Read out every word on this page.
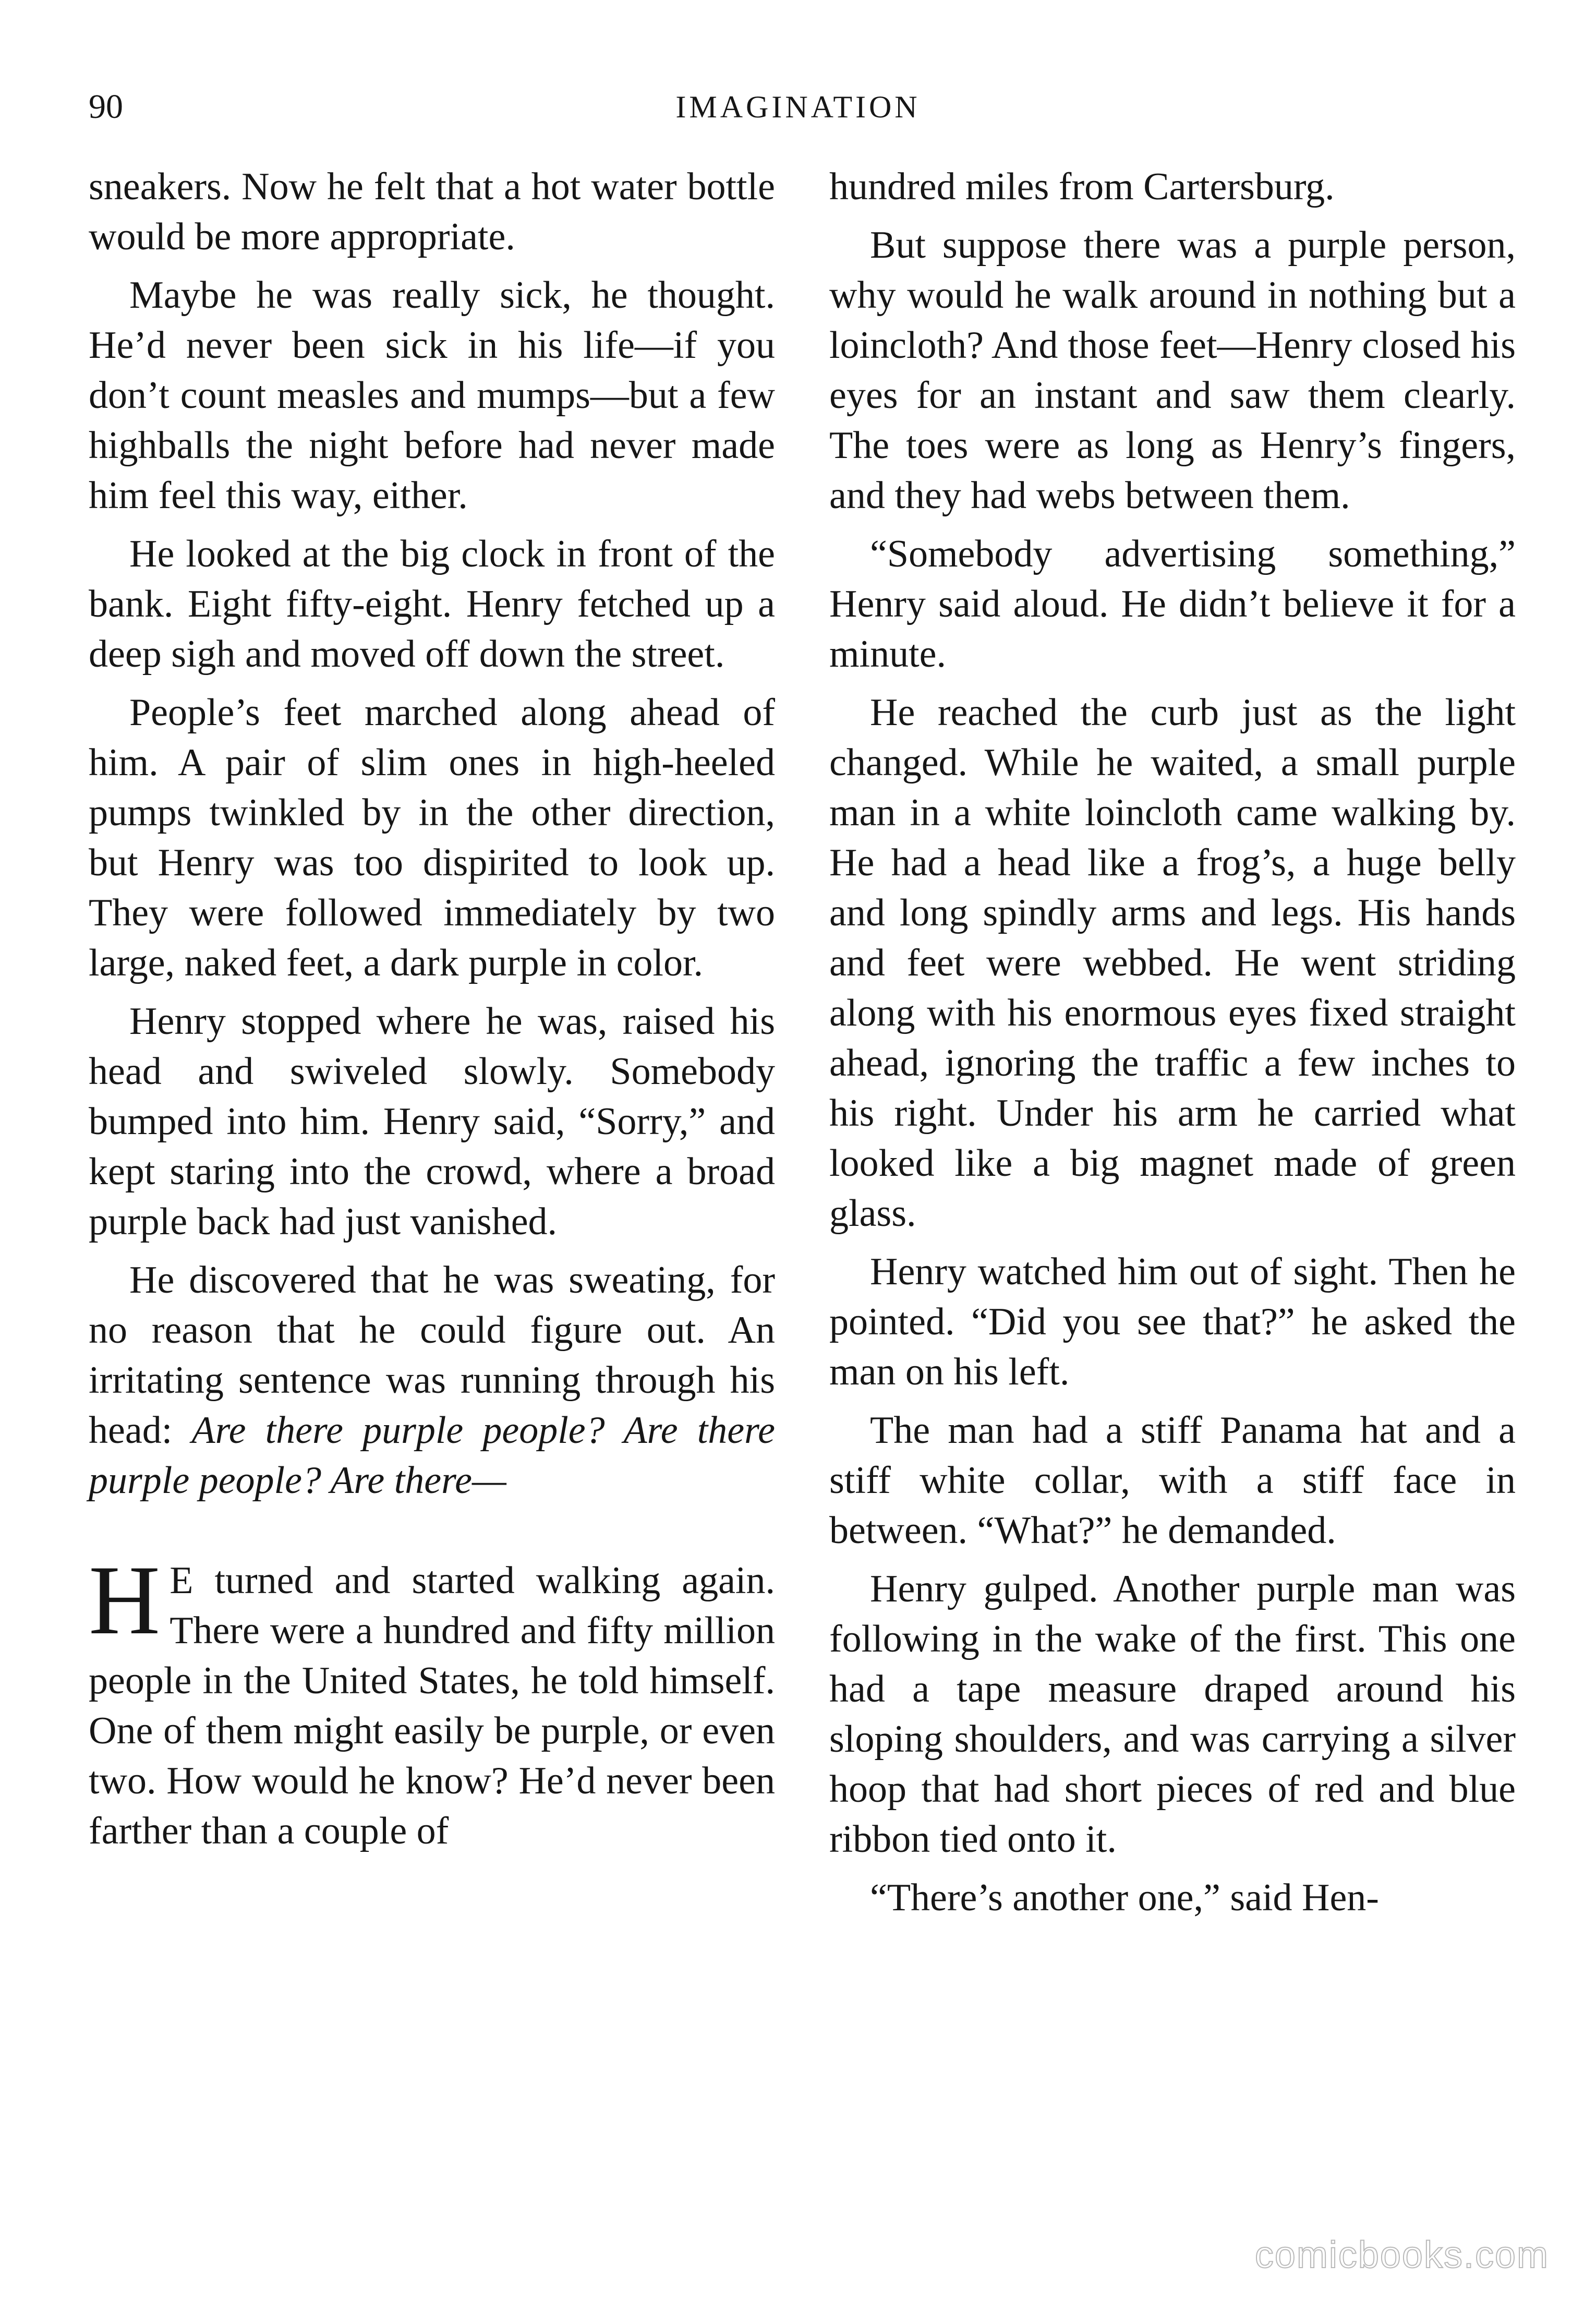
90	IMAGINATION

sneakers. Now he felt that a hot water bottle would be more appropriate.

Maybe he was really sick, he thought. He’d never been sick in his life—if you don’t count measles and mumps—but a few highballs the night before had never made him feel this way, either.

He looked at the big clock in front of the bank. Eight fifty-eight. Henry fetched up a deep sigh and moved off down the street.

People’s feet marched along ahead of him. A pair of slim ones in high-heeled pumps twinkled by in the other direction, but Henry was too dispirited to look up. They were followed immediately by two large, naked feet, a dark purple in color.

Henry stopped where he was, raised his head and swiveled slowly. Somebody bumped into him. Henry said, “Sorry,” and kept staring into the crowd, where a broad purple back had just vanished.

He discovered that he was sweating, for no reason that he could figure out. An irritating sentence was running through his head: Are there purple people? Are there purple people? Are there—

H E turned and started walking again. There were a hundred and fifty million people in the United States, he told himself. One of them might easily be purple, or even two. How would he know? He’d never been farther than a couple of

hundred miles from Cartersburg.

But suppose there was a purple person, why would he walk around in nothing but a loincloth? And those feet—Henry closed his eyes for an instant and saw them clearly. The toes were as long as Henry’s fingers, and they had webs between them.

“Somebody advertising something,” Henry said aloud. He didn’t believe it for a minute.

He reached the curb just as the light changed. While he waited, a small purple man in a white loincloth came walking by. He had a head like a frog’s, a huge belly and long spindly arms and legs. His hands and feet were webbed. He went striding along with his enormous eyes fixed straight ahead, ignoring the traffic a few inches to his right. Under his arm he carried what looked like a big magnet made of green glass.

Henry watched him out of sight. Then he pointed. “Did you see that?” he asked the man on his left.

The man had a stiff Panama hat and a stiff white collar, with a stiff face in between. “What?” he demanded.

Henry gulped. Another purple man was following in the wake of the first. This one had a tape measure draped around his sloping shoulders, and was carrying a silver hoop that had short pieces of red and blue ribbon tied onto it.

“There’s another one,” said Hen-

comicbooks.com
